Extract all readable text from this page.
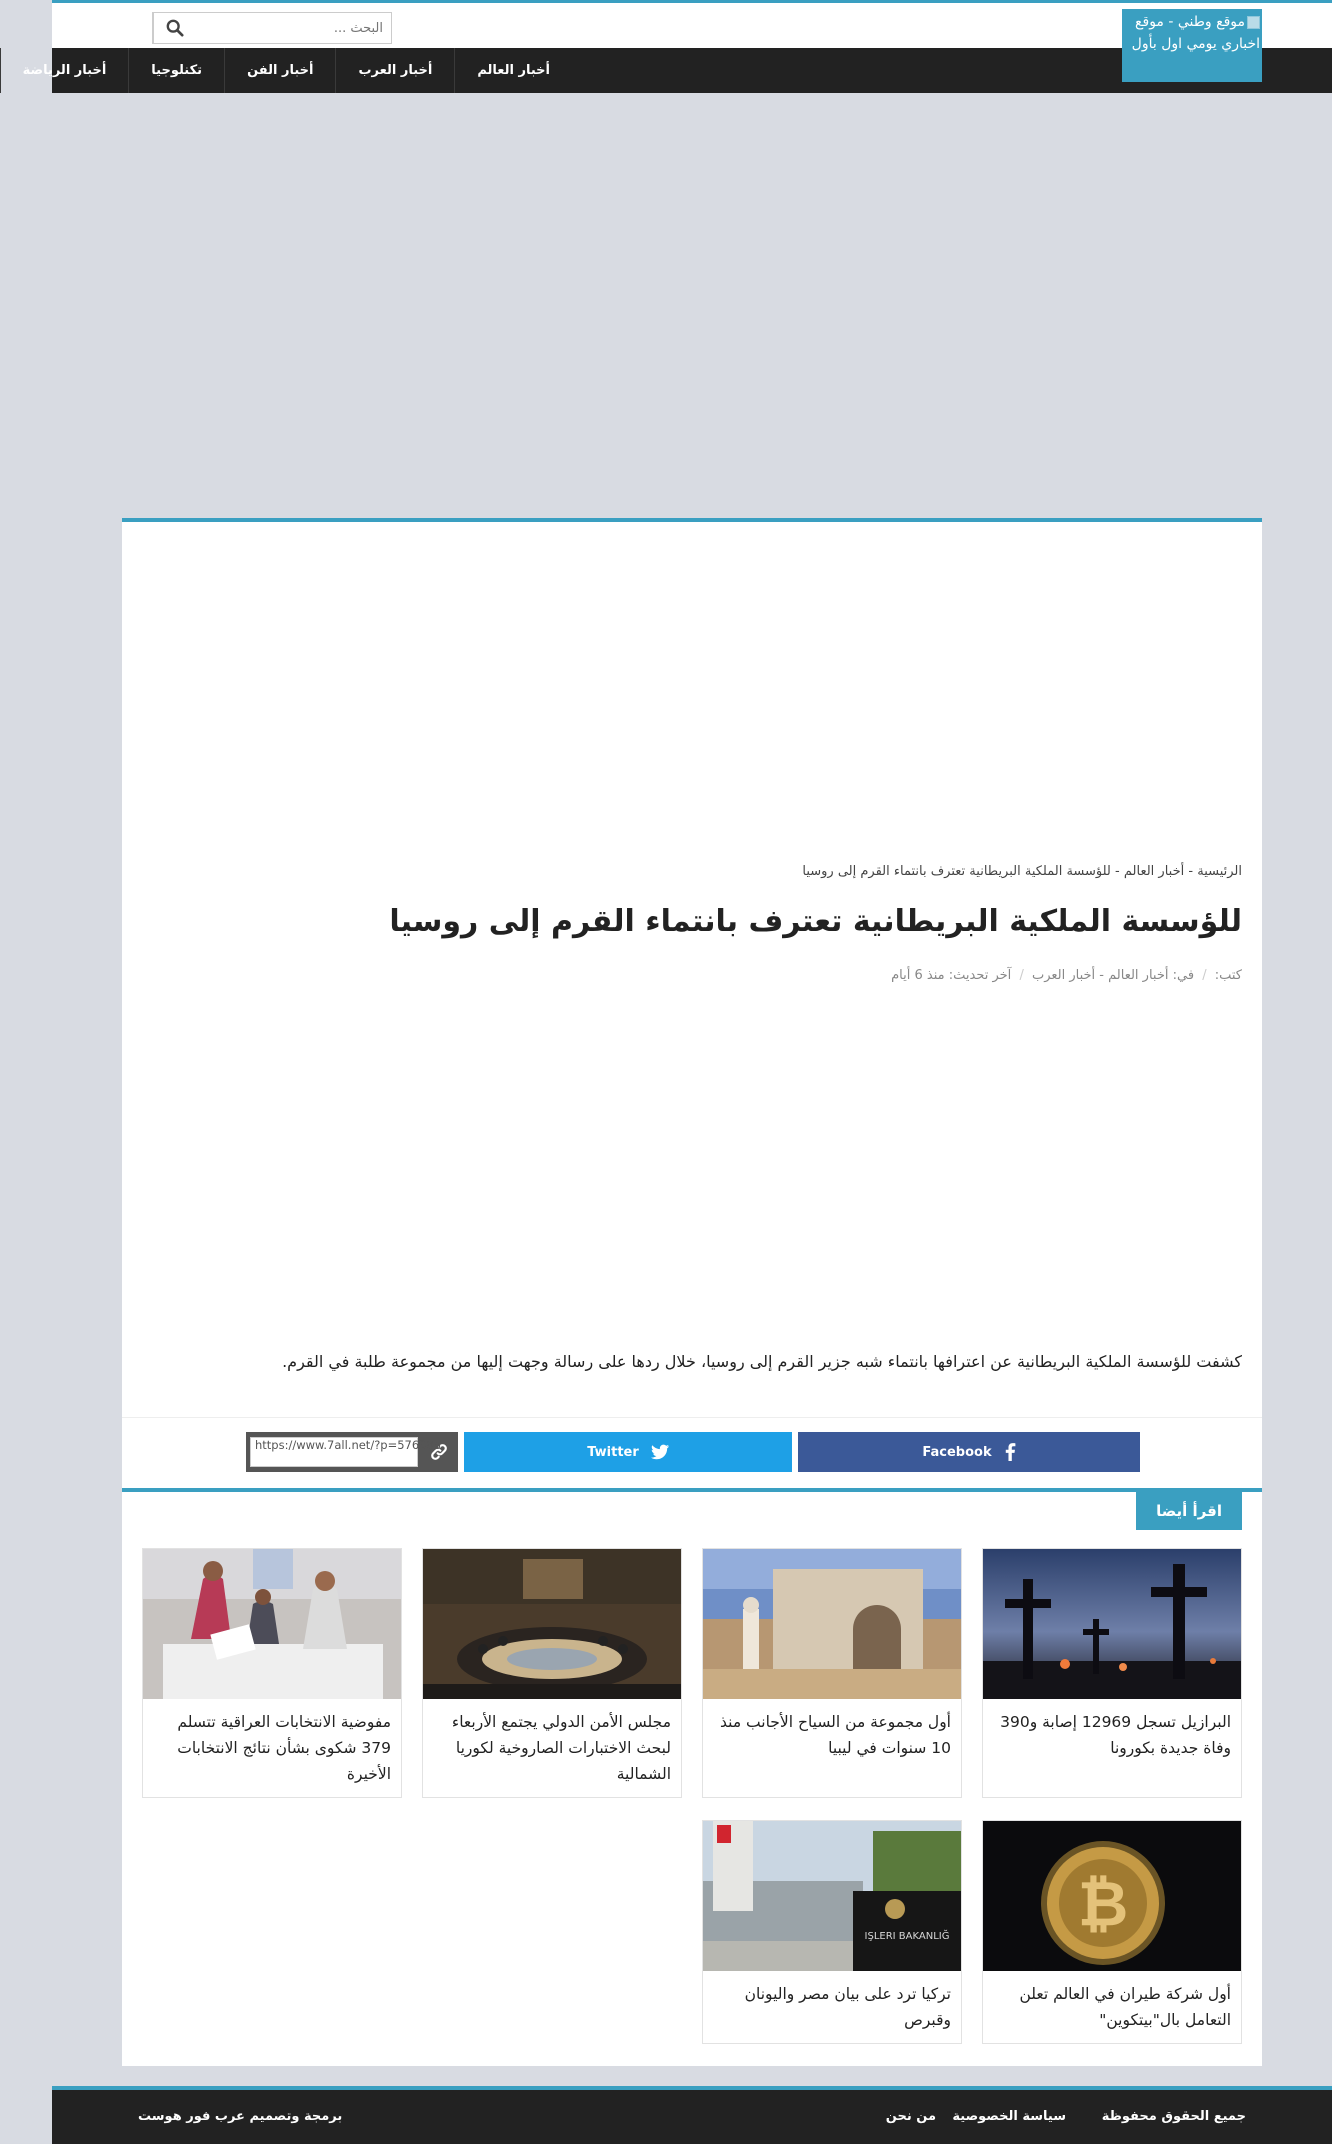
البحث ...
موقع وطني - موقع اخباري يومي اول بأول
أخبار العالم
أخبار العرب
أخبار الفن
تكنلوجيا
أخبار الرياضة
الرئيسية - أخبار العالم - للؤسسة الملكية البريطانية تعترف بانتماء القرم إلى روسيا
للؤسسة الملكية البريطانية تعترف بانتماء القرم إلى روسيا
كتب: / في: أخبار العالم - أخبار العرب / آخر تحديث: منذ 6 أيام

كشفت للؤسسة الملكية البريطانية عن اعترافها بانتماء شبه جزير القرم إلى روسيا، خلال ردها على رسالة وجهت إليها من مجموعة طلبة في القرم.

Facebook
Twitter
https://www.7all.net/?p=576385
اقرأ أيضا
البرازيل تسجل 12969 إصابة و390 وفاة جديدة بكورونا
أول مجموعة من السياح الأجانب منذ 10 سنوات في ليبيا
مجلس الأمن الدولي يجتمع الأربعاء لبحث الاختبارات الصاروخية لكوريا الشمالية
مفوضية الانتخابات العراقية تتسلم 379 شكوى بشأن نتائج الانتخابات الأخيرة
₿
أول شركة طيران في العالم تعلن التعامل بال"بيتكوين"
IŞLERI BAKANLIĞ
تركيا ترد على بيان مصر واليونان وقبرص
جميع الحقوق محفوظة
سياسة الخصوصية
من نحن
برمجة وتصميم عرب فور هوست
